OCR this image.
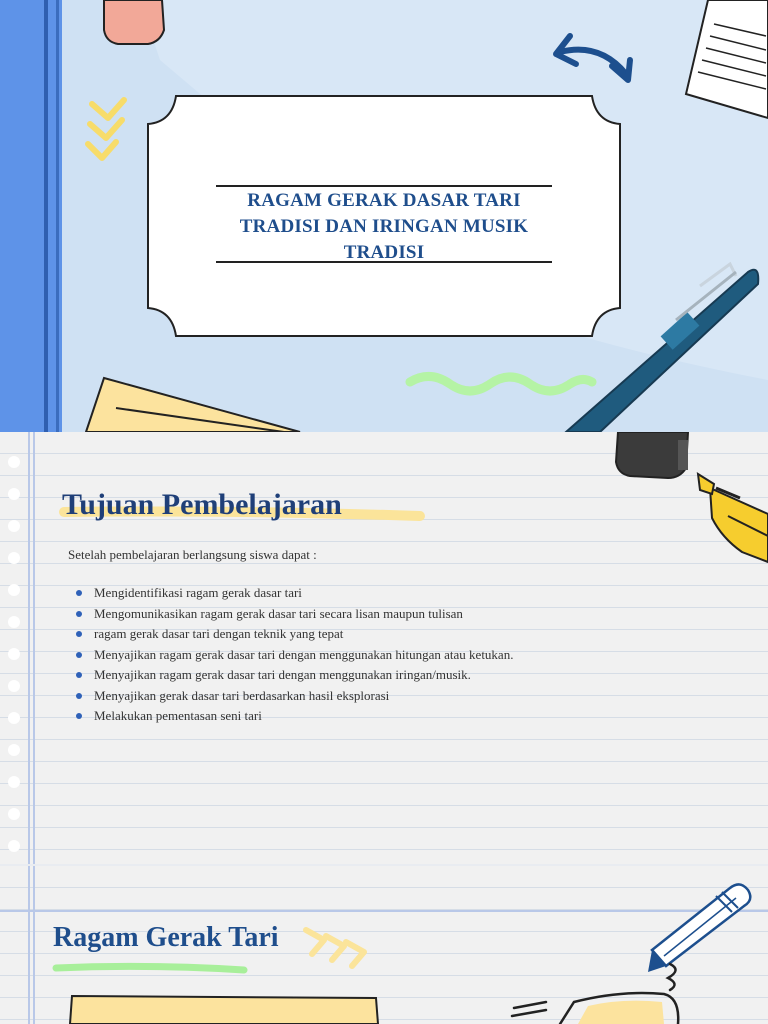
RAGAM GERAK DASAR TARI TRADISI DAN IRINGAN MUSIK TRADISI
Tujuan Pembelajaran
Setelah pembelajaran berlangsung siswa dapat :
Mengidentifikasi ragam gerak dasar tari
Mengomunikasikan ragam gerak dasar tari secara lisan maupun tulisan
ragam gerak dasar tari dengan teknik yang tepat
Menyajikan ragam gerak dasar tari dengan menggunakan hitungan atau ketukan.
Menyajikan ragam gerak dasar tari dengan menggunakan iringan/musik.
Menyajikan gerak dasar tari berdasarkan hasil eksplorasi
Melakukan pementasan seni tari
Ragam Gerak Tari
